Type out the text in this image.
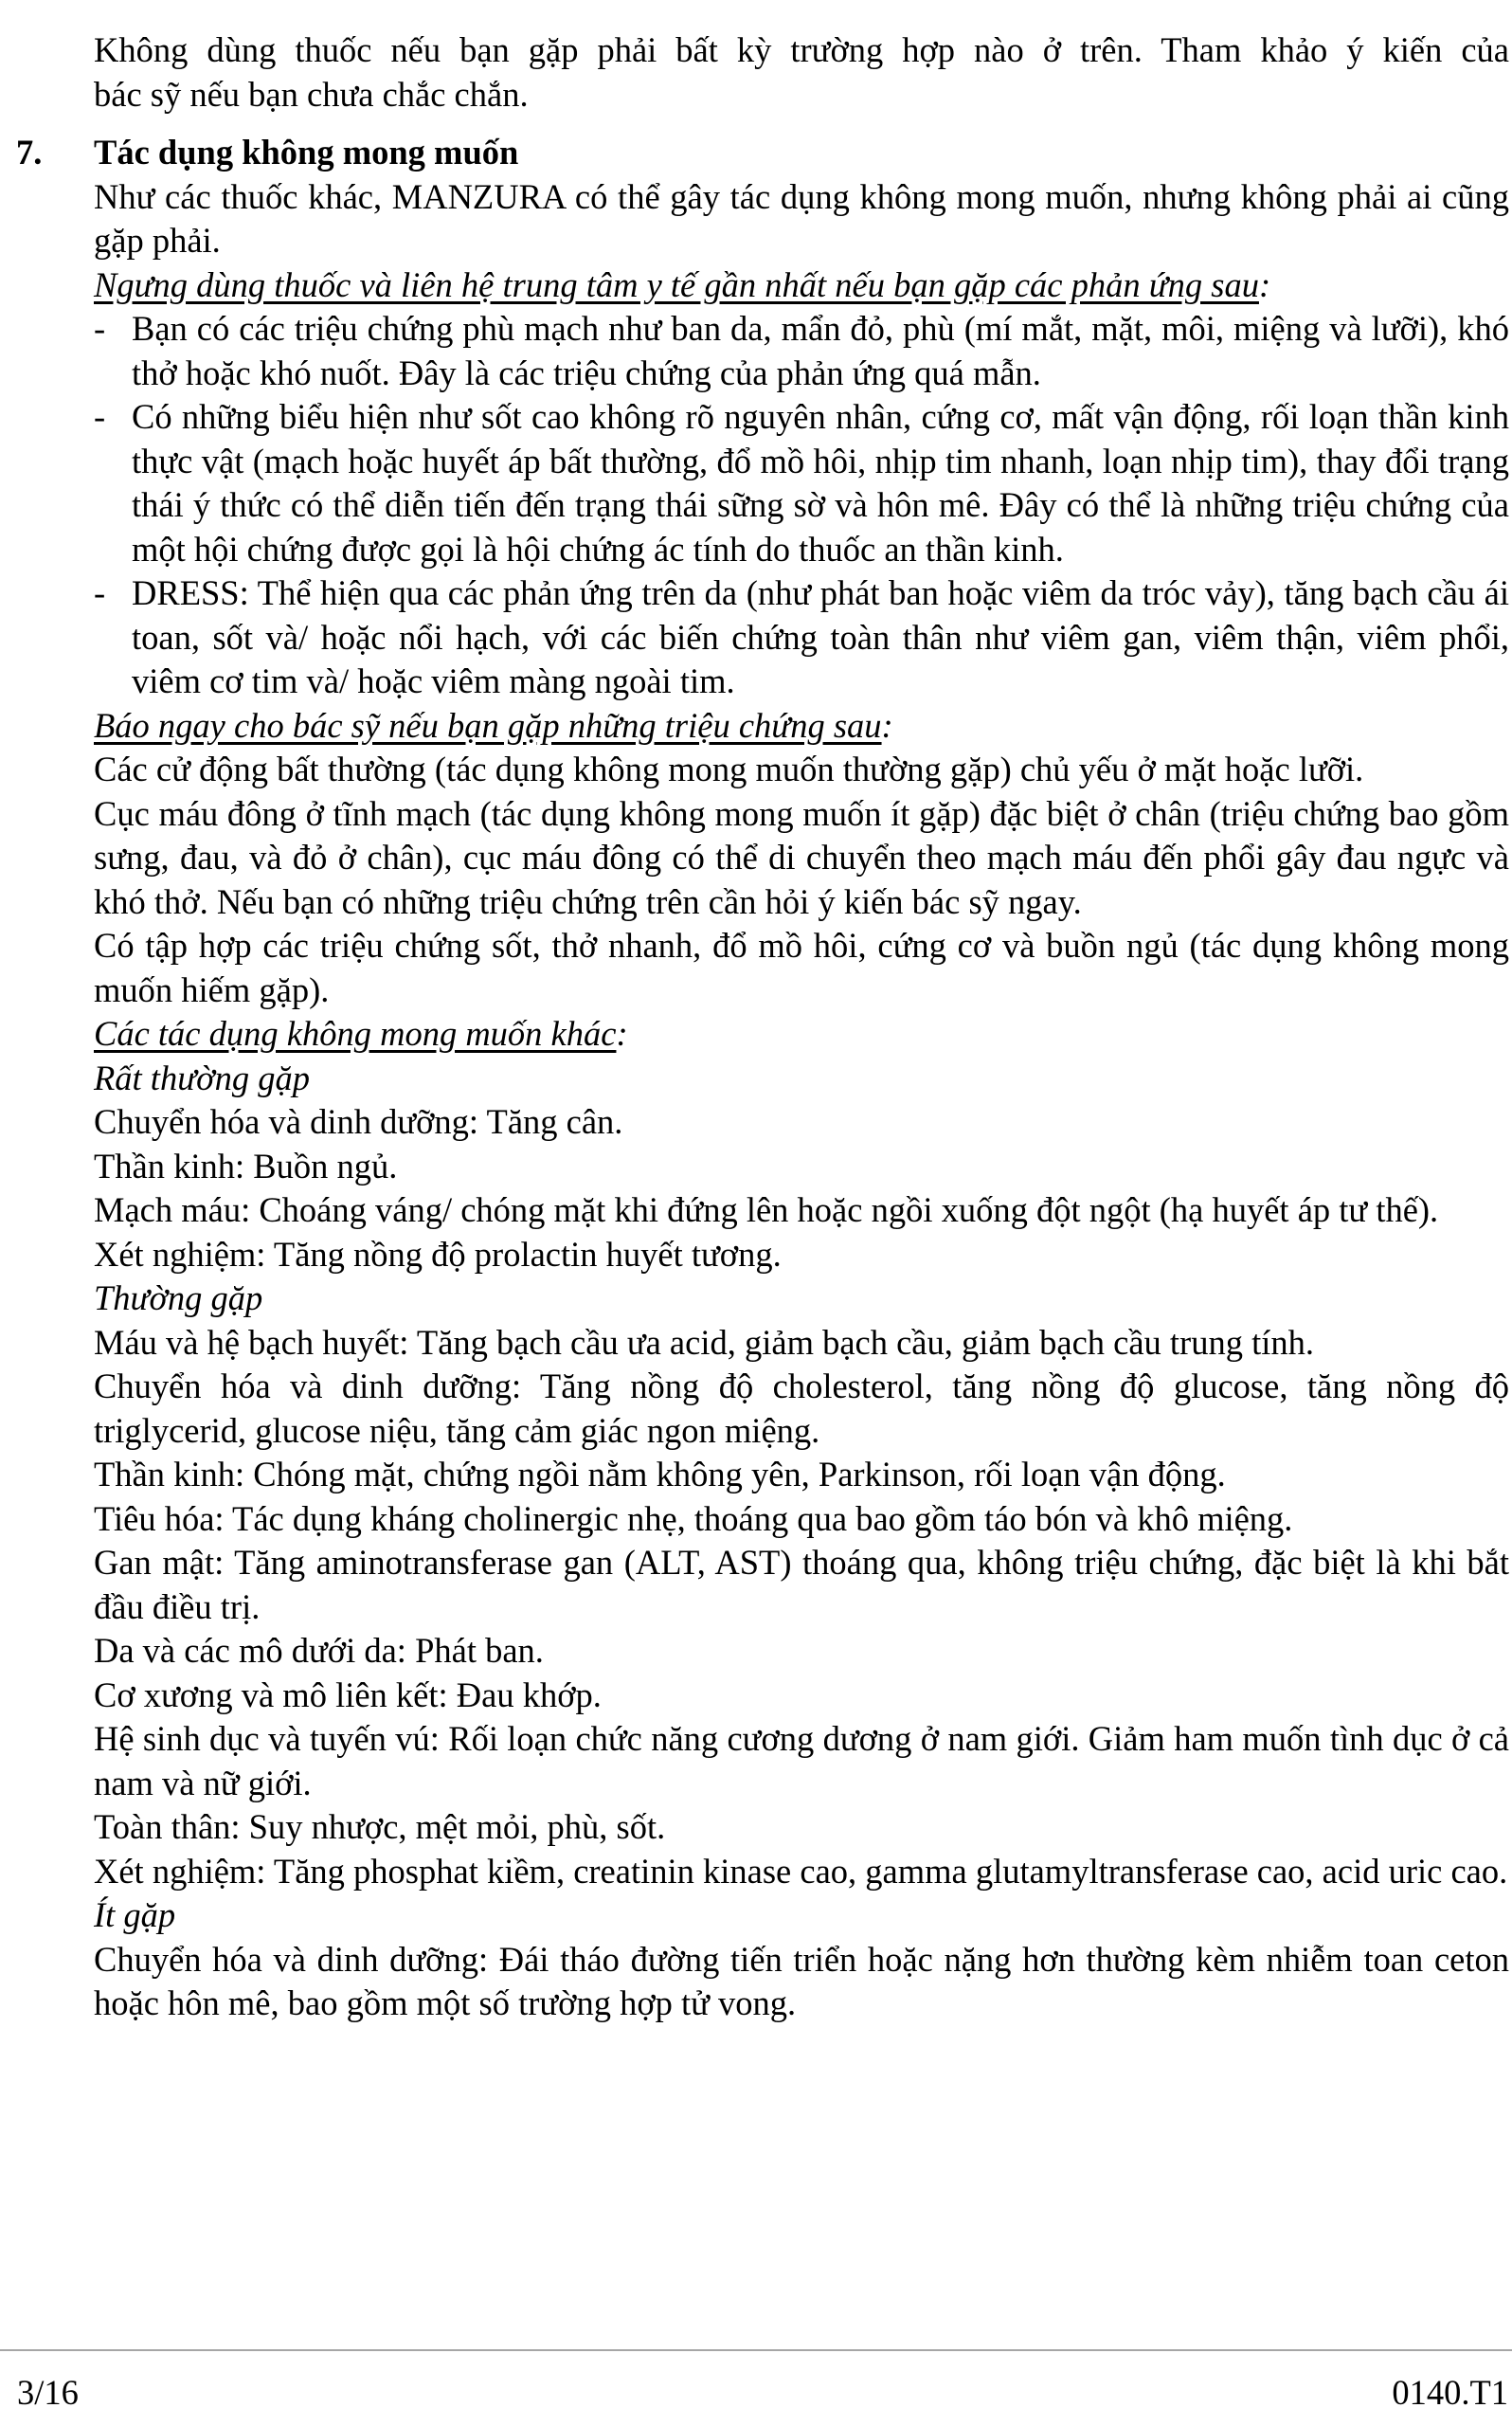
Không dùng thuốc nếu bạn gặp phải bất kỳ trường hợp nào ở trên. Tham khảo ý kiến của

bác sỹ nếu bạn chưa chắc chắn.

7.	Tác dụng không mong muốn

Như các thuốc khác, MANZURA có thể gây tác dụng không mong muốn, nhưng không phải ai cũng gặp phải.

Ngưng dùng thuốc và liên hệ trung tâm y tế gần nhất nếu bạn gặp các phản ứng sau:

- Bạn có các triệu chứng phù mạch như ban da, mẩn đỏ, phù (mí mắt, mặt, môi, miệng và lưỡi), khó thở hoặc khó nuốt. Đây là các triệu chứng của phản ứng quá mẫn.

- Có những biểu hiện như sốt cao không rõ nguyên nhân, cứng cơ, mất vận động, rối loạn thần kinh thực vật (mạch hoặc huyết áp bất thường, đổ mồ hôi, nhịp tim nhanh, loạn nhịp tim), thay đổi trạng thái ý thức có thể diễn tiến đến trạng thái sững sờ và hôn mê. Đây có thể là những triệu chứng của một hội chứng được gọi là hội chứng ác tính do thuốc an thần kinh.

- DRESS: Thể hiện qua các phản ứng trên da (như phát ban hoặc viêm da tróc vảy), tăng bạch cầu ái toan, sốt và/ hoặc nổi hạch, với các biến chứng toàn thân như viêm gan, viêm thận, viêm phổi, viêm cơ tim và/ hoặc viêm màng ngoài tim.

Báo ngay cho bác sỹ nếu bạn gặp những triệu chứng sau:

Các cử động bất thường (tác dụng không mong muốn thường gặp) chủ yếu ở mặt hoặc lưỡi.

Cục máu đông ở tĩnh mạch (tác dụng không mong muốn ít gặp) đặc biệt ở chân (triệu chứng bao gồm sưng, đau, và đỏ ở chân), cục máu đông có thể di chuyển theo mạch máu đến phổi gây đau ngực và khó thở. Nếu bạn có những triệu chứng trên cần hỏi ý kiến bác sỹ ngay.

Có tập hợp các triệu chứng sốt, thở nhanh, đổ mồ hôi, cứng cơ và buồn ngủ (tác dụng không mong muốn hiếm gặp).

Các tác dụng không mong muốn khác:

Rất thường gặp

Chuyển hóa và dinh dưỡng: Tăng cân.

Thần kinh: Buồn ngủ.

Mạch máu: Choáng váng/ chóng mặt khi đứng lên hoặc ngồi xuống đột ngột (hạ huyết áp tư thế).

Xét nghiệm: Tăng nồng độ prolactin huyết tương.

Thường gặp

Máu và hệ bạch huyết: Tăng bạch cầu ưa acid, giảm bạch cầu, giảm bạch cầu trung tính.

Chuyển hóa và dinh dưỡng: Tăng nồng độ cholesterol, tăng nồng độ glucose, tăng nồng độ triglycerid, glucose niệu, tăng cảm giác ngon miệng.

Thần kinh: Chóng mặt, chứng ngồi nằm không yên, Parkinson, rối loạn vận động.

Tiêu hóa: Tác dụng kháng cholinergic nhẹ, thoáng qua bao gồm táo bón và khô miệng.

Gan mật: Tăng aminotransferase gan (ALT, AST) thoáng qua, không triệu chứng, đặc biệt là khi bắt đầu điều trị.

Da và các mô dưới da: Phát ban.

Cơ xương và mô liên kết: Đau khớp.

Hệ sinh dục và tuyến vú: Rối loạn chức năng cương dương ở nam giới. Giảm ham muốn tình dục ở cả nam và nữ giới.

Toàn thân: Suy nhược, mệt mỏi, phù, sốt.

Xét nghiệm: Tăng phosphat kiềm, creatinin kinase cao, gamma glutamyltransferase cao, acid uric cao.

Ít gặp

Chuyển hóa và dinh dưỡng: Đái tháo đường tiến triển hoặc nặng hơn thường kèm nhiễm toan ceton hoặc hôn mê, bao gồm một số trường hợp tử vong.

3/16	0140.T1
